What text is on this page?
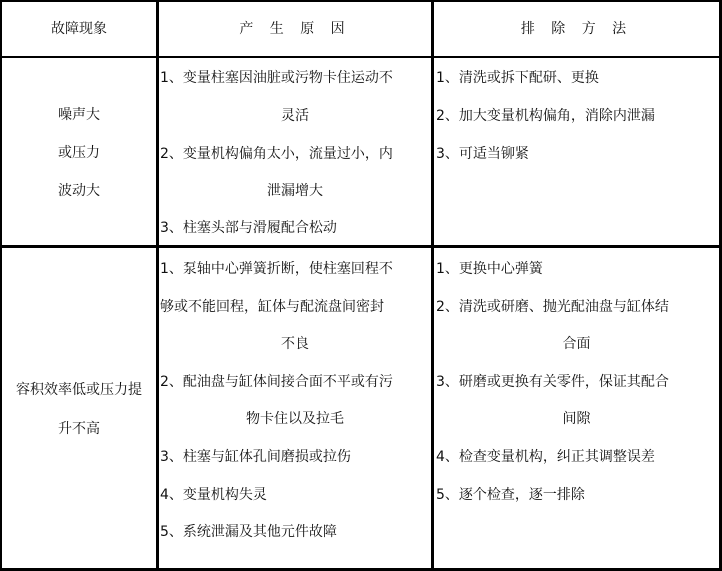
故障现象	产 生 原 因	排 除 方 法
噪声大
或压力
波动大
1、变量柱塞因油脏或污物卡住运动不
灵活
2、变量机构偏角太小，流量过小，内
泄漏增大
3、柱塞头部与滑履配合松动
1、清洗或拆下配研、更换
2、加大变量机构偏角，消除内泄漏
3、可适当铆紧
容积效率低或压力提
升不高
1、泵轴中心弹簧折断，使柱塞回程不
够或不能回程，缸体与配流盘间密封
不良
2、配油盘与缸体间接合面不平或有污
物卡住以及拉毛
3、柱塞与缸体孔间磨损或拉伤
4、变量机构失灵
5、系统泄漏及其他元件故障
1、更换中心弹簧
2、清洗或研磨、抛光配油盘与缸体结
合面
3、研磨或更换有关零件，保证其配合
间隙
4、检查变量机构，纠正其调整误差
5、逐个检查，逐一排除
